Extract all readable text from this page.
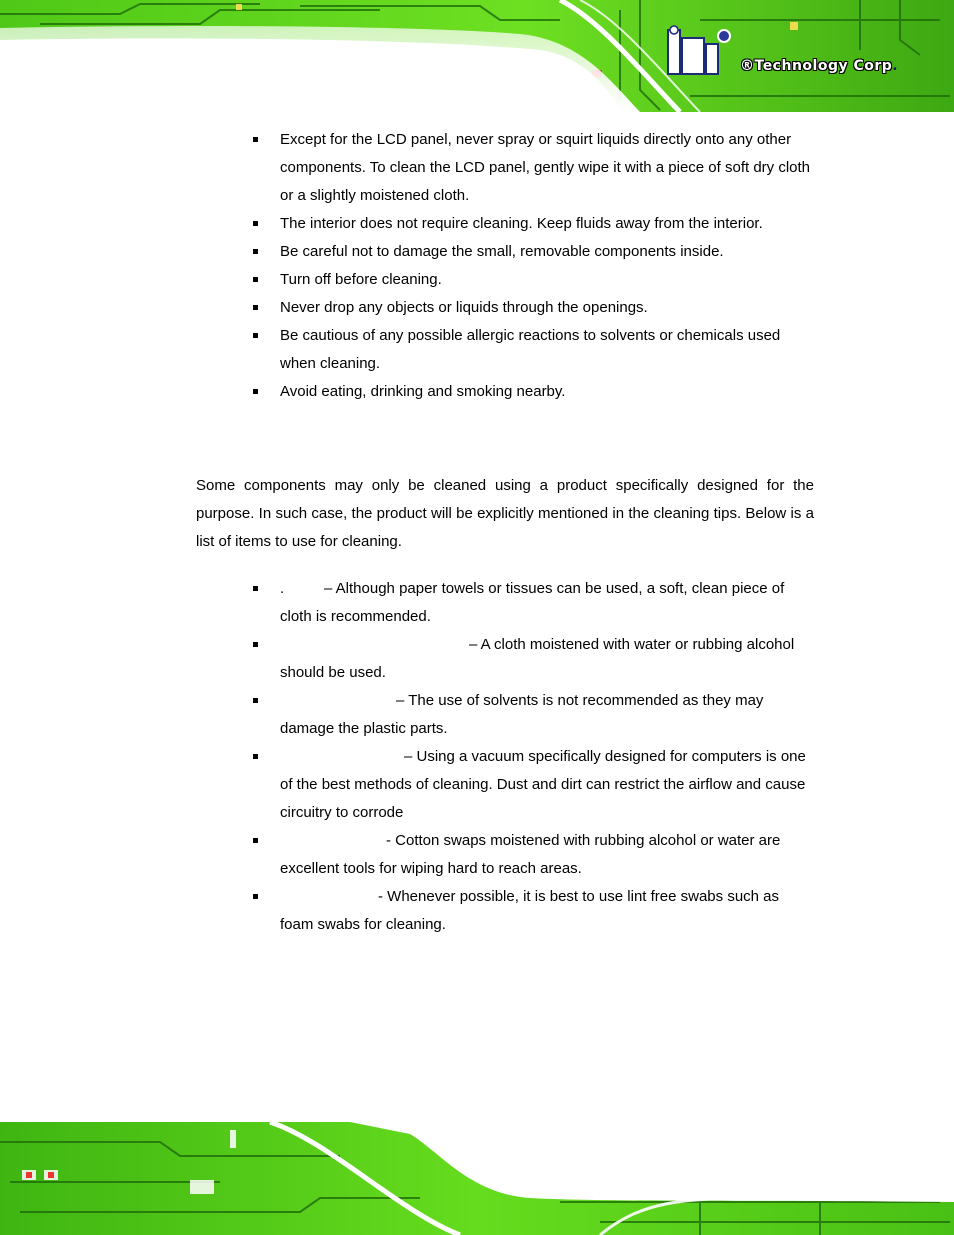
®Technology Corp.
Except for the LCD panel, never spray or squirt liquids directly onto any other components. To clean the LCD panel, gently wipe it with a piece of soft dry cloth or a slightly moistened cloth.
The interior does not require cleaning. Keep fluids away from the interior.
Be careful not to damage the small, removable components inside.
Turn off before cleaning.
Never drop any objects or liquids through the openings.
Be cautious of any possible allergic reactions to solvents or chemicals used when cleaning.
Avoid eating, drinking and smoking nearby.

Some components may only be cleaned using a product specifically designed for the purpose. In such case, the product will be explicitly mentioned in the cleaning tips. Below is a list of items to use for cleaning.

.	– Although paper towels or tissues can be used, a soft, clean piece of cloth is recommended.
– A cloth moistened with water or rubbing alcohol should be used.
– The use of solvents is not recommended as they may damage the plastic parts.
– Using a vacuum specifically designed for computers is one of the best methods of cleaning. Dust and dirt can restrict the airflow and cause circuitry to corrode
- Cotton swaps moistened with rubbing alcohol or water are excellent tools for wiping hard to reach areas.
- Whenever possible, it is best to use lint free swabs such as foam swabs for cleaning.
